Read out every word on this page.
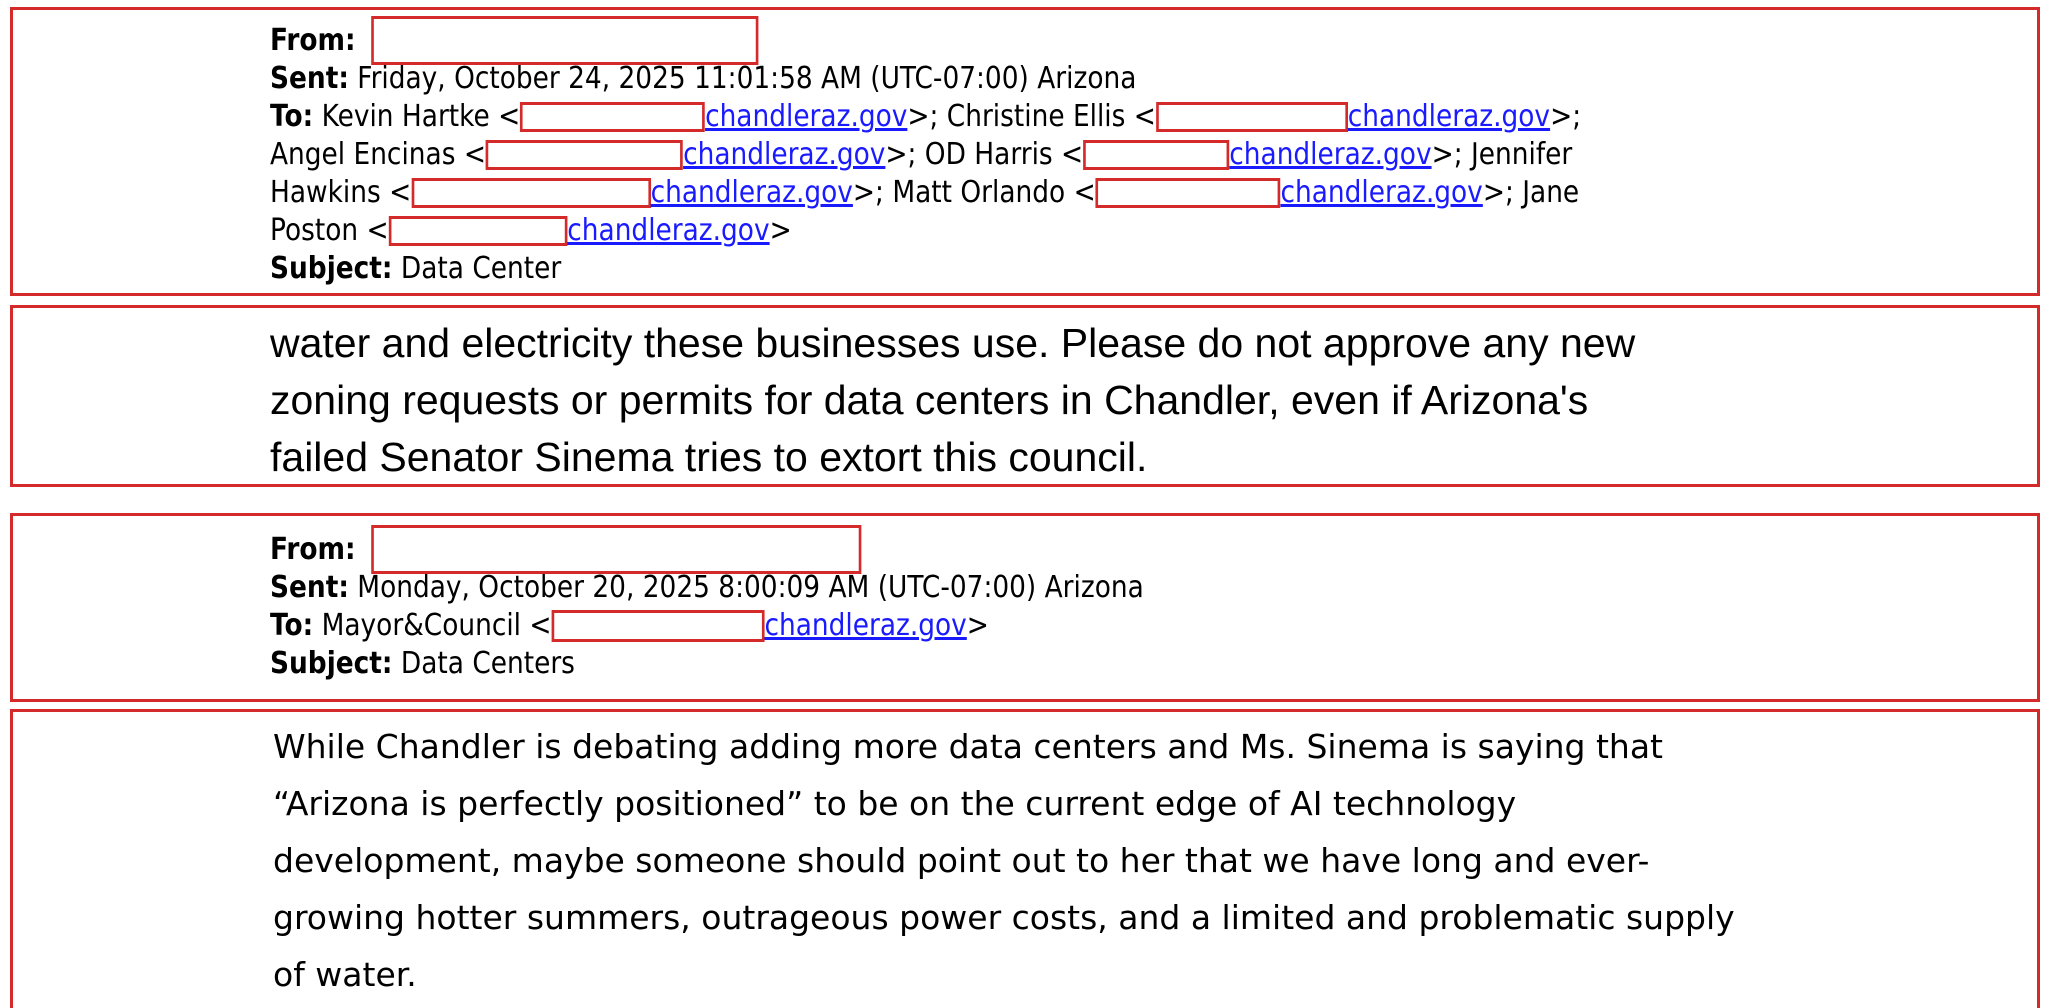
From:
Sent: Friday, October 24, 2025 11:01:58 AM (UTC-07:00) Arizona
To: Kevin Hartke <	chandleraz.gov>; Christine Ellis <	chandleraz.gov>;
Angel Encinas <	chandleraz.gov>; OD Harris <	chandleraz.gov>; Jennifer
Hawkins <	chandleraz.gov>; Matt Orlando <	chandleraz.gov>; Jane
Poston <	chandleraz.gov>
Subject: Data Center
water and electricity these businesses use. Please do not approve any new
zoning requests or permits for data centers in Chandler, even if Arizona's
failed Senator Sinema tries to extort this council.
From:
Sent: Monday, October 20, 2025 8:00:09 AM (UTC-07:00) Arizona
To: Mayor&Council <	chandleraz.gov>
Subject: Data Centers
While Chandler is debating adding more data centers and Ms. Sinema is saying that
“Arizona is perfectly positioned” to be on the current edge of AI technology
development, maybe someone should point out to her that we have long and ever-
growing hotter summers, outrageous power costs, and a limited and problematic supply
of water.
